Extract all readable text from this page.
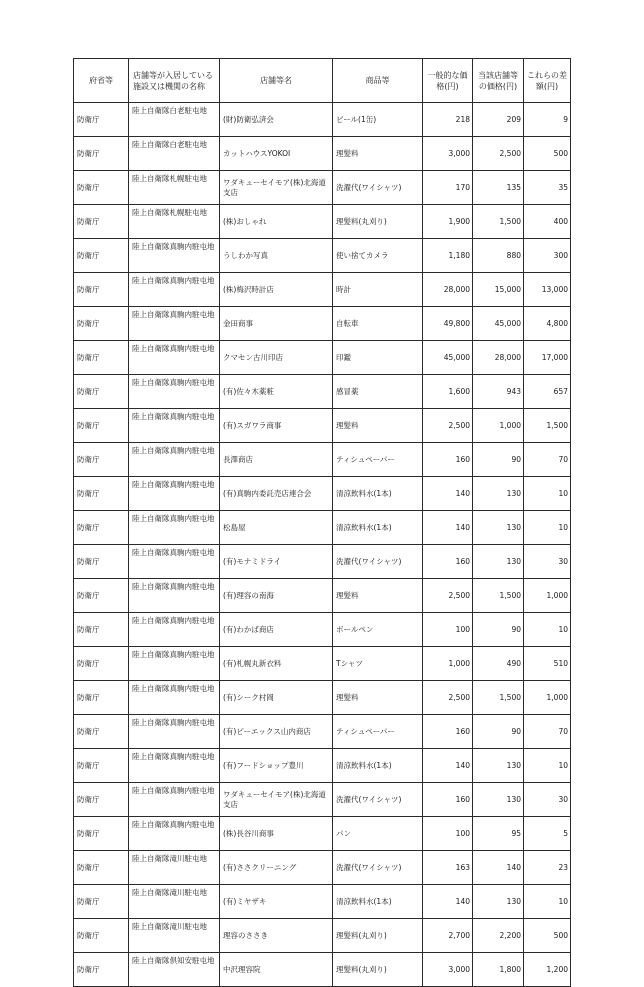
府省等	店舗等が入居している施設又は機関の名称	店舗等名	商品等	一般的な価格(円)	当該店舗等の価格(円)	これらの差額(円)
防衛庁	陸上自衛隊白老駐屯地	(財)防衛弘済会	ビール(1缶)	218	209	9
防衛庁	陸上自衛隊白老駐屯地	カットハウスYOKOI	理髪料	3,000	2,500	500
防衛庁	陸上自衛隊札幌駐屯地	ワダキューセイモア(株)北海道支店	洗濯代(ワイシャツ)	170	135	35
防衛庁	陸上自衛隊札幌駐屯地	(株)おしゃれ	理髪料(丸刈り)	1,900	1,500	400
防衛庁	陸上自衛隊真駒内駐屯地	うしわか写真	使い捨てカメラ	1,180	880	300
防衛庁	陸上自衛隊真駒内駐屯地	(株)梅沢時計店	時計	28,000	15,000	13,000
防衛庁	陸上自衛隊真駒内駐屯地	金田商事	自転車	49,800	45,000	4,800
防衛庁	陸上自衛隊真駒内駐屯地	クマセン古川印店	印鑑	45,000	28,000	17,000
防衛庁	陸上自衛隊真駒内駐屯地	(有)佐々木薬粧	感冒薬	1,600	943	657
防衛庁	陸上自衛隊真駒内駐屯地	(有)スガワラ商事	理髪料	2,500	1,000	1,500
防衛庁	陸上自衛隊真駒内駐屯地	長澤商店	ティシュペーパー	160	90	70
防衛庁	陸上自衛隊真駒内駐屯地	(有)真駒内委託売店連合会	清涼飲料水(1本)	140	130	10
防衛庁	陸上自衛隊真駒内駐屯地	松島屋	清涼飲料水(1本)	140	130	10
防衛庁	陸上自衛隊真駒内駐屯地	(有)モナミドライ	洗濯代(ワイシャツ)	160	130	30
防衛庁	陸上自衛隊真駒内駐屯地	(有)理容の南海	理髪料	2,500	1,500	1,000
防衛庁	陸上自衛隊真駒内駐屯地	(有)わかば商店	ボールペン	100	90	10
防衛庁	陸上自衛隊真駒内駐屯地	(有)札幌丸新衣料	Tシャツ	1,000	490	510
防衛庁	陸上自衛隊真駒内駐屯地	(有)シーク村岡	理髪料	2,500	1,500	1,000
防衛庁	陸上自衛隊真駒内駐屯地	(有)ピーエックス山内商店	ティシュペーパー	160	90	70
防衛庁	陸上自衛隊真駒内駐屯地	(有)フードショップ豊川	清涼飲料水(1本)	140	130	10
防衛庁	陸上自衛隊真駒内駐屯地	ワダキューセイモア(株)北海道支店	洗濯代(ワイシャツ)	160	130	30
防衛庁	陸上自衛隊真駒内駐屯地	(株)長谷川商事	パン	100	95	5
防衛庁	陸上自衛隊滝川駐屯地	(有)ささクリーニング	洗濯代(ワイシャツ)	163	140	23
防衛庁	陸上自衛隊滝川駐屯地	(有)ミヤザキ	清涼飲料水(1本)	140	130	10
防衛庁	陸上自衛隊滝川駐屯地	理容のささき	理髪料(丸刈り)	2,700	2,200	500
防衛庁	陸上自衛隊倶知安駐屯地	中沢理容院	理髪料(丸刈り)	3,000	1,800	1,200
